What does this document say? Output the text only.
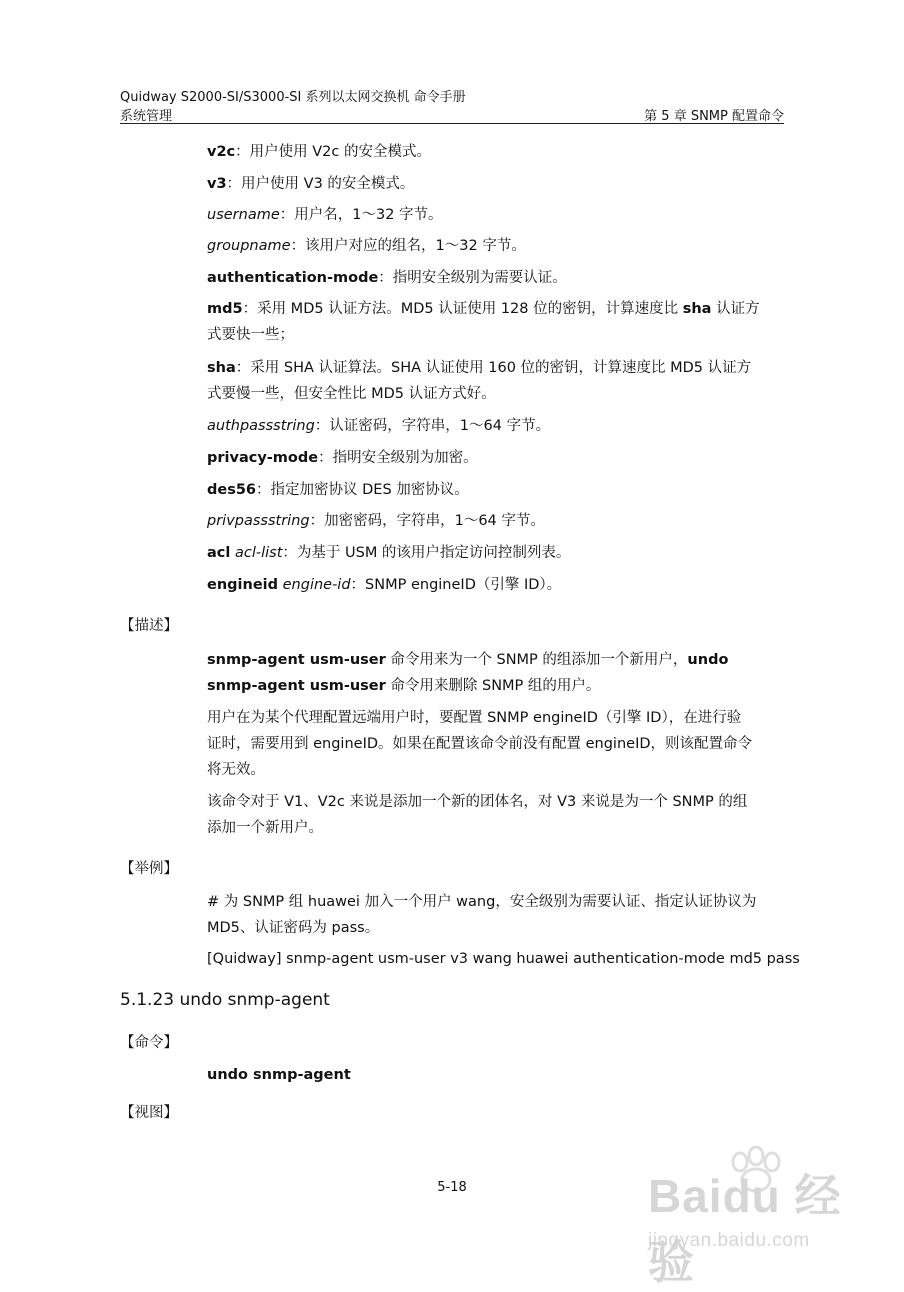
Quidway S2000-SI/S3000-SI 系列以太网交换机 命令手册
系统管理	第 5 章 SNMP 配置命令
v2c：用户使用 V2c 的安全模式。
v3：用户使用 V3 的安全模式。
username：用户名，1～32 字节。
groupname：该用户对应的组名，1～32 字节。
authentication-mode：指明安全级别为需要认证。
md5：采用 MD5 认证方法。MD5 认证使用 128 位的密钥，计算速度比 sha 认证方
式要快一些；
sha：采用 SHA 认证算法。SHA 认证使用 160 位的密钥，计算速度比 MD5 认证方
式要慢一些，但安全性比 MD5 认证方式好。
authpassstring：认证密码，字符串，1～64 字节。
privacy-mode：指明安全级别为加密。
des56：指定加密协议 DES 加密协议。
privpassstring：加密密码，字符串，1～64 字节。
acl acl-list：为基于 USM 的该用户指定访问控制列表。
engineid engine-id：SNMP engineID（引擎 ID）。
【描述】
snmp-agent usm-user 命令用来为一个 SNMP 的组添加一个新用户，undo
snmp-agent usm-user 命令用来删除 SNMP 组的用户。
用户在为某个代理配置远端用户时，要配置 SNMP engineID（引擎 ID），在进行验
证时，需要用到 engineID。如果在配置该命令前没有配置 engineID，则该配置命令
将无效。
该命令对于 V1、V2c 来说是添加一个新的团体名，对 V3 来说是为一个 SNMP 的组
添加一个新用户。
【举例】
# 为 SNMP 组 huawei 加入一个用户 wang，安全级别为需要认证、指定认证协议为
MD5、认证密码为 pass。
[Quidway] snmp-agent usm-user v3 wang huawei authentication-mode md5 pass
5.1.23 undo snmp-agent
【命令】
undo snmp-agent
【视图】
5-18	Baidu 经验
jingyan.baidu.com
